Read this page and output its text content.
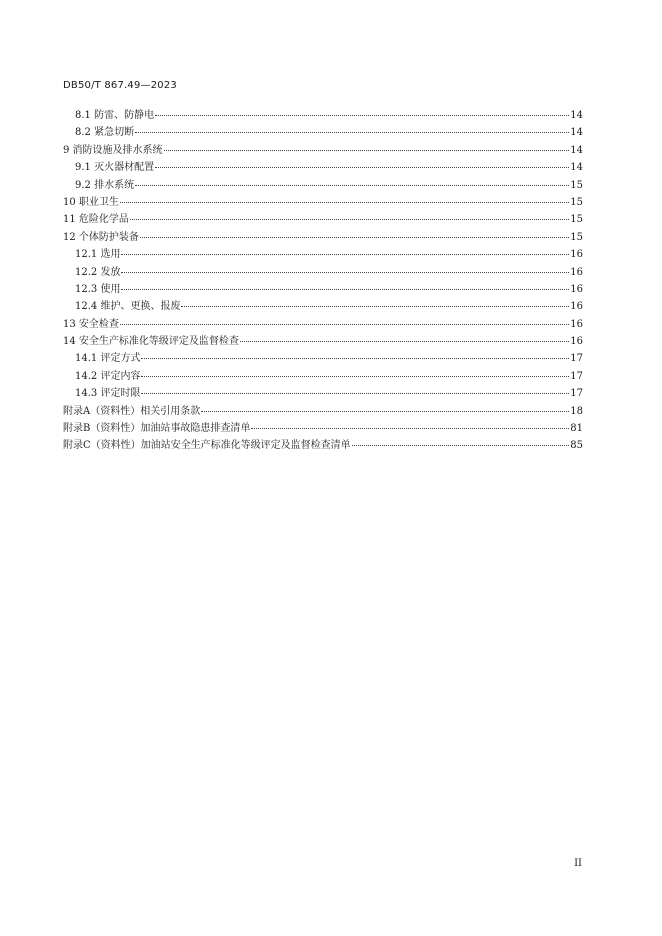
DB50/T 867.49—2023
8.1 防雷、防静电	14
8.2 紧急切断	14
9 消防设施及排水系统	14
9.1 灭火器材配置	14
9.2 排水系统	15
10 职业卫生	15
11 危险化学品	15
12 个体防护装备	15
12.1 选用	16
12.2 发放	16
12.3 使用	16
12.4 维护、更换、报废	16
13 安全检查	16
14 安全生产标准化等级评定及监督检查	16
14.1 评定方式	17
14.2 评定内容	17
14.3 评定时限	17
附录A（资料性）相关引用条款	18
附录B（资料性）加油站事故隐患排查清单	81
附录C（资料性）加油站安全生产标准化等级评定及监督检查清单	85
II
